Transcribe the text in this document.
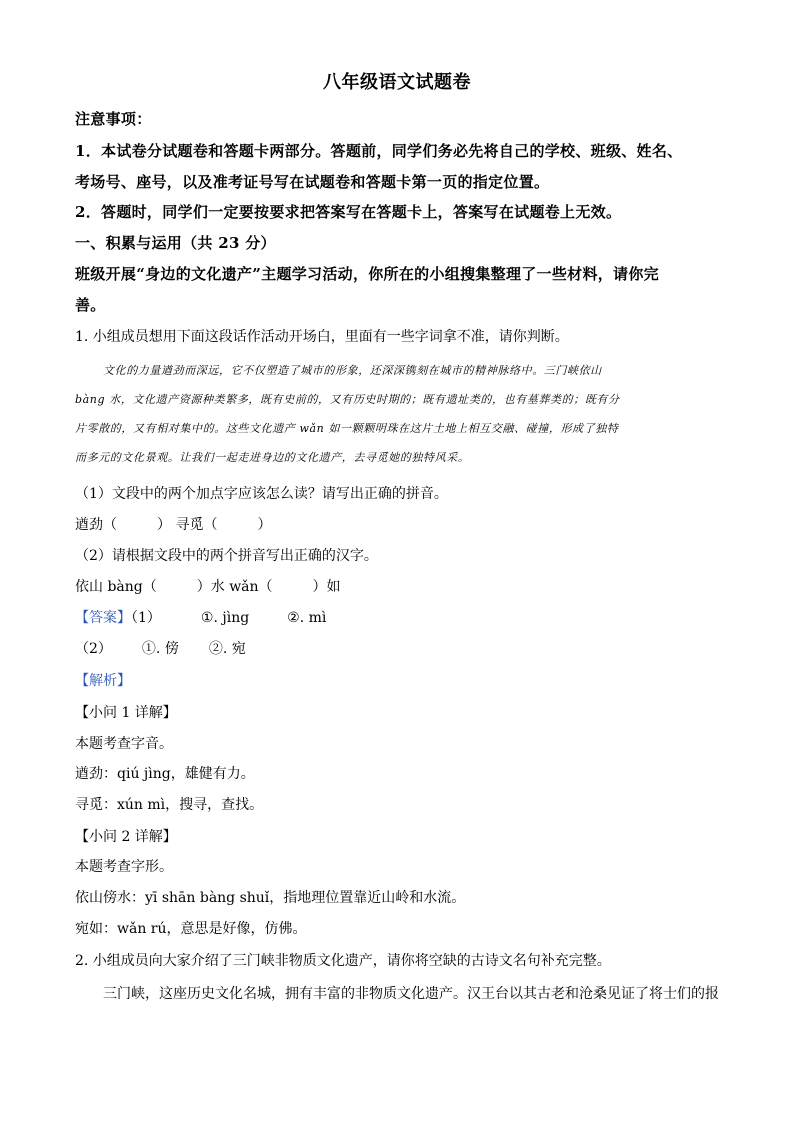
八年级语文试题卷
注意事项：
1．本试卷分试题卷和答题卡两部分。答题前，同学们务必先将自己的学校、班级、姓名、
考场号、座号，以及准考证号写在试题卷和答题卡第一页的指定位置。
2．答题时，同学们一定要按要求把答案写在答题卡上，答案写在试题卷上无效。
一、积累与运用（共 23 分）
班级开展“身边的文化遗产”主题学习活动，你所在的小组搜集整理了一些材料，请你完
善。
1. 小组成员想用下面这段话作活动开场白，里面有一些字词拿不准，请你判断。
文化的力量遒劲而深远，它不仅塑造了城市的形象，还深深镌刻在城市的精神脉络中。三门峡依山
bàng 水，文化遗产资源种类繁多，既有史前的，又有历史时期的；既有遗址类的，也有墓葬类的；既有分
片零散的，又有相对集中的。这些文化遗产 wǎn 如一颗颗明珠在这片土地上相互交融、碰撞，形成了独特
而多元的文化景观。让我们一起走进身边的文化遗产，去寻觅她的独特风采。
（1）文段中的两个加点字应该怎么读？请写出正确的拼音。
遒劲（	） 寻觅（	）
（2）请根据文段中的两个拼音写出正确的汉字。
依山 bàng（	）水 wǎn（	）如
【答案】（1）	①. jìng	②. mì
（2） ①. 傍 ②. 宛
【解析】
【小问 1 详解】
本题考查字音。
遒劲：qiú jìng，雄健有力。
寻觅：xún mì，搜寻，查找。
【小问 2 详解】
本题考查字形。
依山傍水：yī shān bàng shuǐ，指地理位置靠近山岭和水流。
宛如：wǎn rú，意思是好像，仿佛。
2. 小组成员向大家介绍了三门峡非物质文化遗产，请你将空缺的古诗文名句补充完整。
三门峡，这座历史文化名城，拥有丰富的非物质文化遗产。汉王台以其古老和沧桑见证了将士们的报
